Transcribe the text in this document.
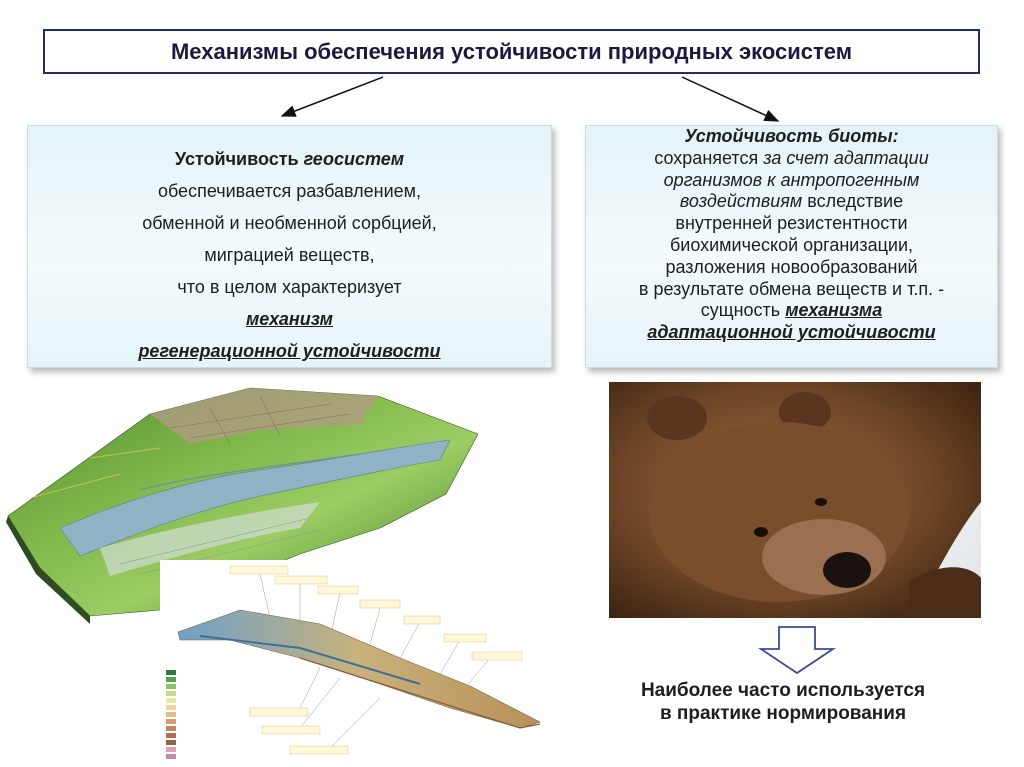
Механизмы обеспечения устойчивости природных экосистем

Устойчивость геосистем

обеспечивается разбавлением,

обменной и необменной сорбцией,

миграцией веществ,

что в целом характеризует

механизм

регенерационной устойчивости

Устойчивость биоты:

сохраняется за счет адаптации

организмов к антропогенным

воздействиям вследствие

внутренней резистентности

биохимической организации,

разложения новообразований

в результате обмена веществ и т.п. -

сущность механизма

адаптационной устойчивости

Наиболее часто используется
в практике нормирования
